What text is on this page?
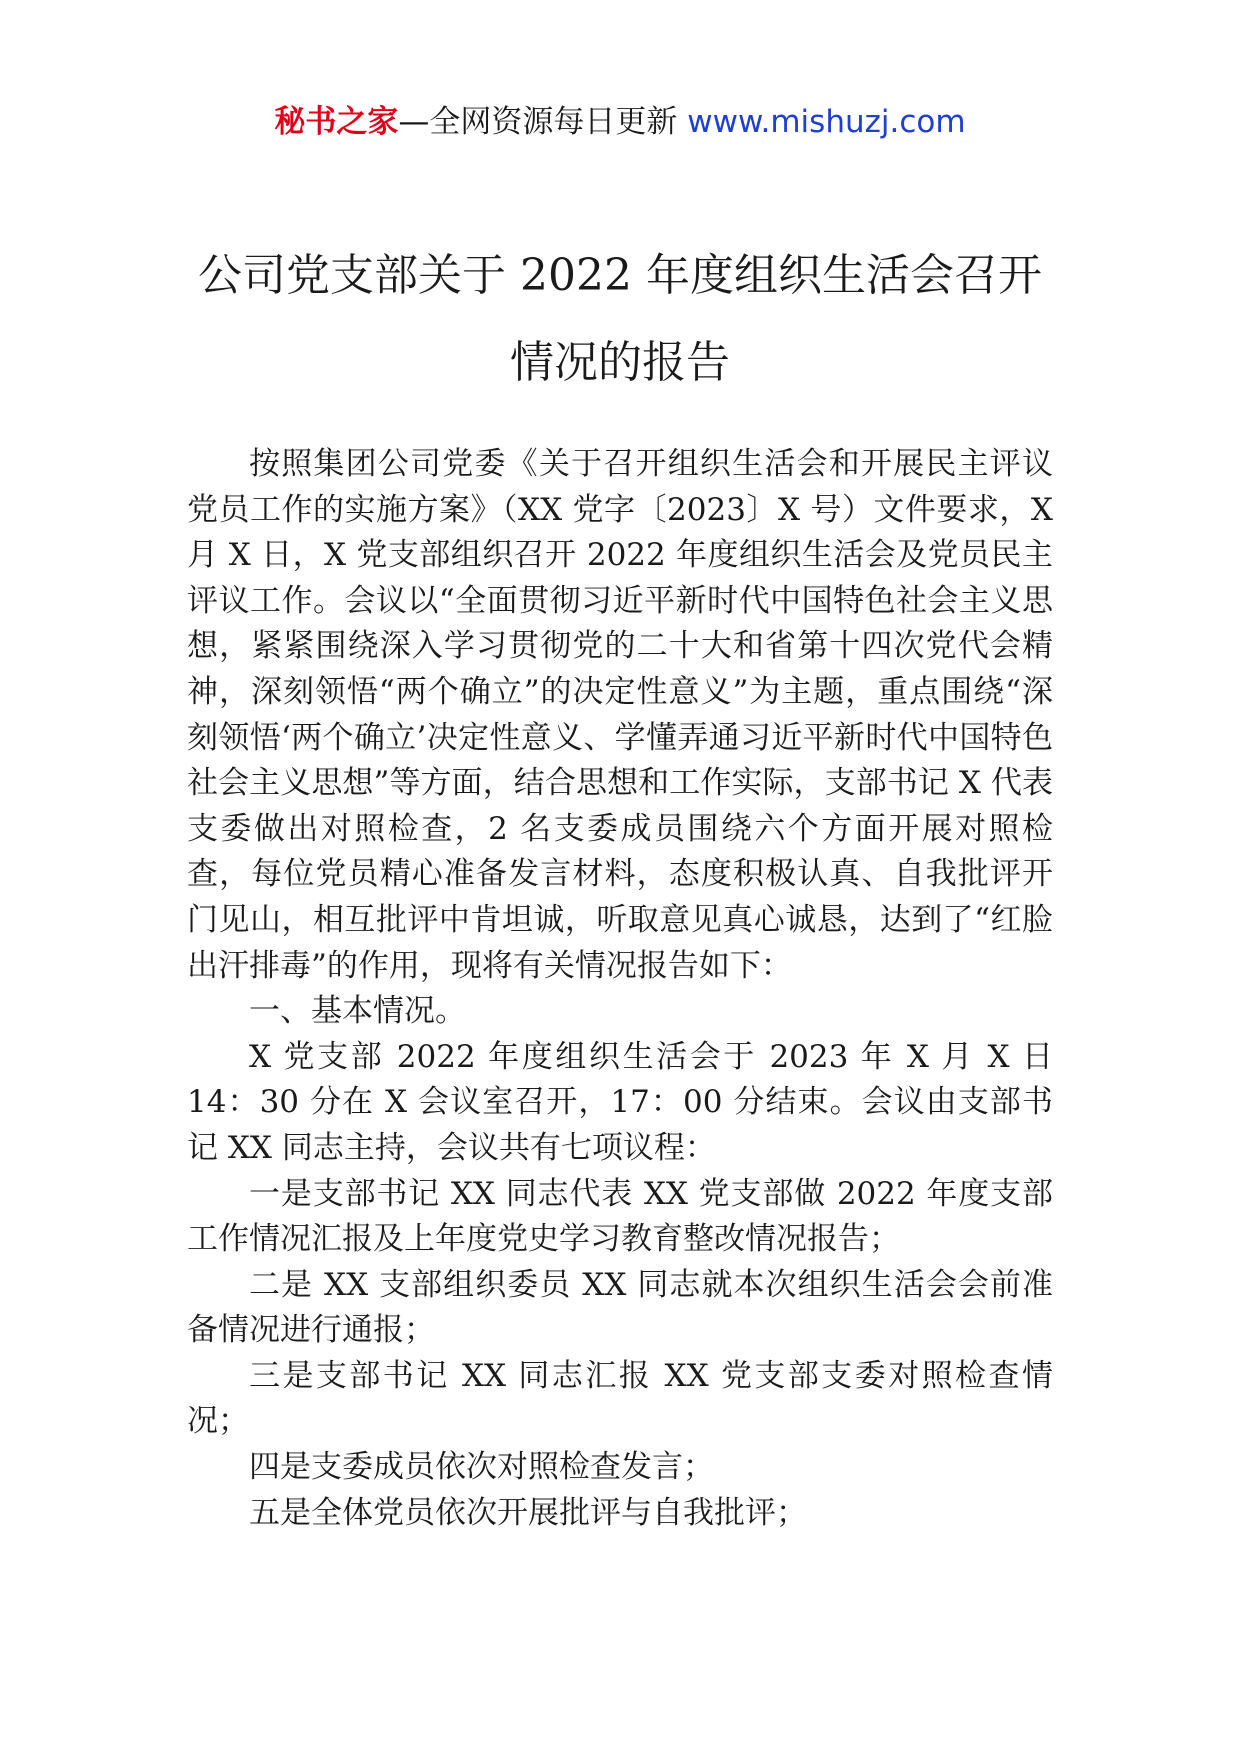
秘书之家—全网资源每日更新 www.mishuzj.com
公司党支部关于 2022 年度组织生活会召开
情况的报告

按照集团公司党委《关于召开组织生活会和开展民主评议党员工作的实施方案》（XX 党字〔2023〕X 号）文件要求，X 月 X 日，X 党支部组织召开 2022 年度组织生活会及党员民主评议工作。会议以“全面贯彻习近平新时代中国特色社会主义思想，紧紧围绕深入学习贯彻党的二十大和省第十四次党代会精神，深刻领悟“两个确立”的决定性意义”为主题，重点围绕“深刻领悟‘两个确立’决定性意义、学懂弄通习近平新时代中国特色社会主义思想”等方面，结合思想和工作实际，支部书记 X 代表支委做出对照检查，2 名支委成员围绕六个方面开展对照检查，每位党员精心准备发言材料，态度积极认真、自我批评开门见山，相互批评中肯坦诚，听取意见真心诚恳，达到了“红脸出汗排毒”的作用，现将有关情况报告如下：

一、基本情况。

X 党支部 2022 年度组织生活会于 2023 年 X 月 X 日 14：30 分在 X 会议室召开，17：00 分结束。会议由支部书记 XX 同志主持，会议共有七项议程：

一是支部书记 XX 同志代表 XX 党支部做 2022 年度支部工作情况汇报及上年度党史学习教育整改情况报告；

二是 XX 支部组织委员 XX 同志就本次组织生活会会前准备情况进行通报；

三是支部书记 XX 同志汇报 XX 党支部支委对照检查情况；

四是支委成员依次对照检查发言；

五是全体党员依次开展批评与自我批评；
